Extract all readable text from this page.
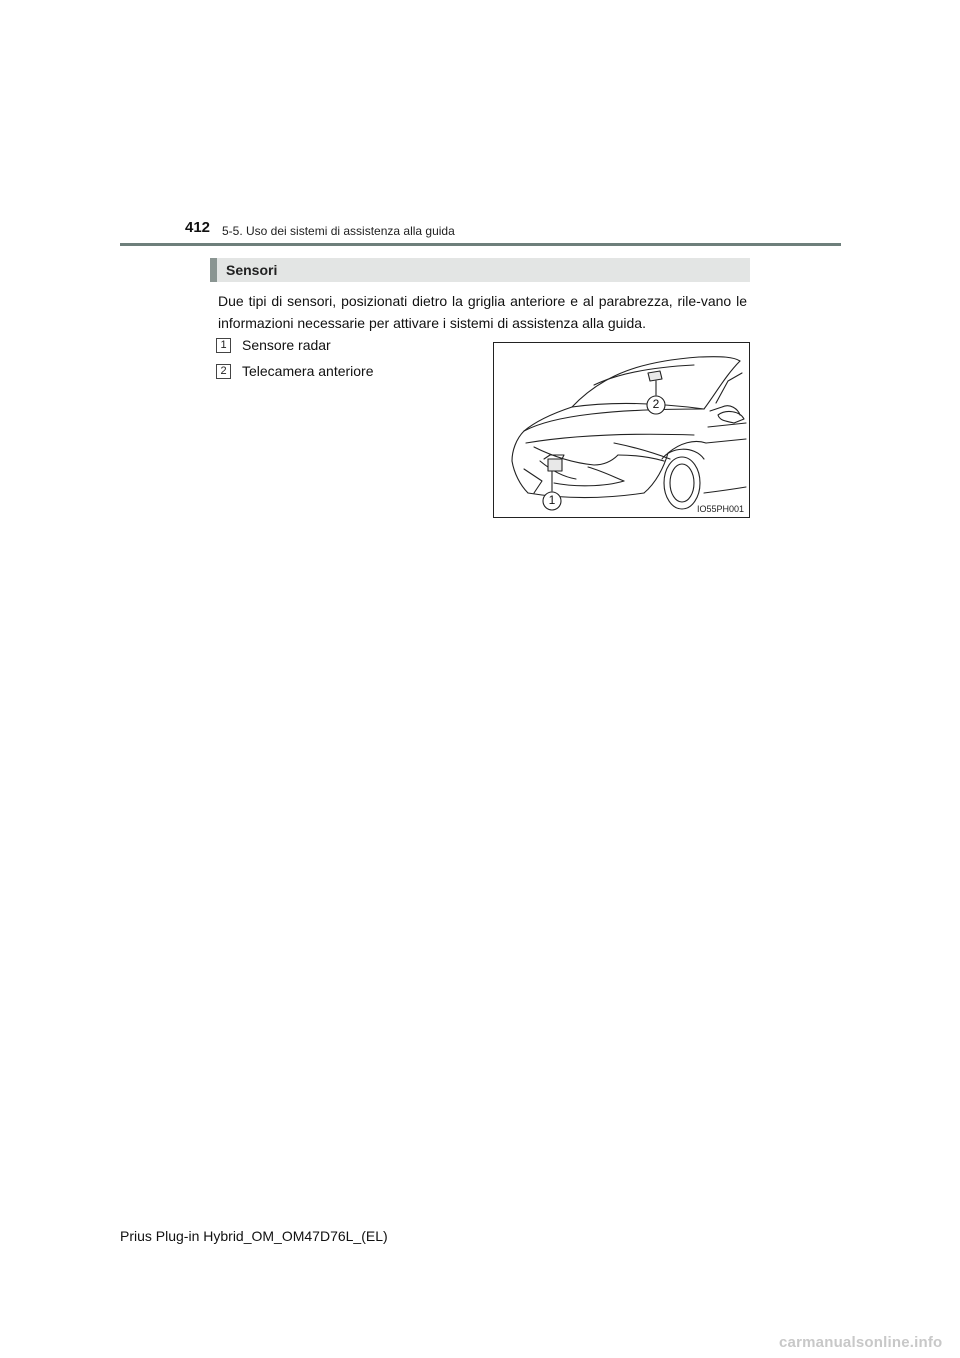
412 5-5. Uso dei sistemi di assistenza alla guida
Sensori
Due tipi di sensori, posizionati dietro la griglia anteriore e al parabrezza, rile-vano le informazioni necessarie per attivare i sistemi di assistenza alla guida.
1	Sensore radar
2	Telecamera anteriore
2
1
IO55PH001
Prius Plug-in Hybrid_OM_OM47D76L_(EL)
carmanualsonline.info
